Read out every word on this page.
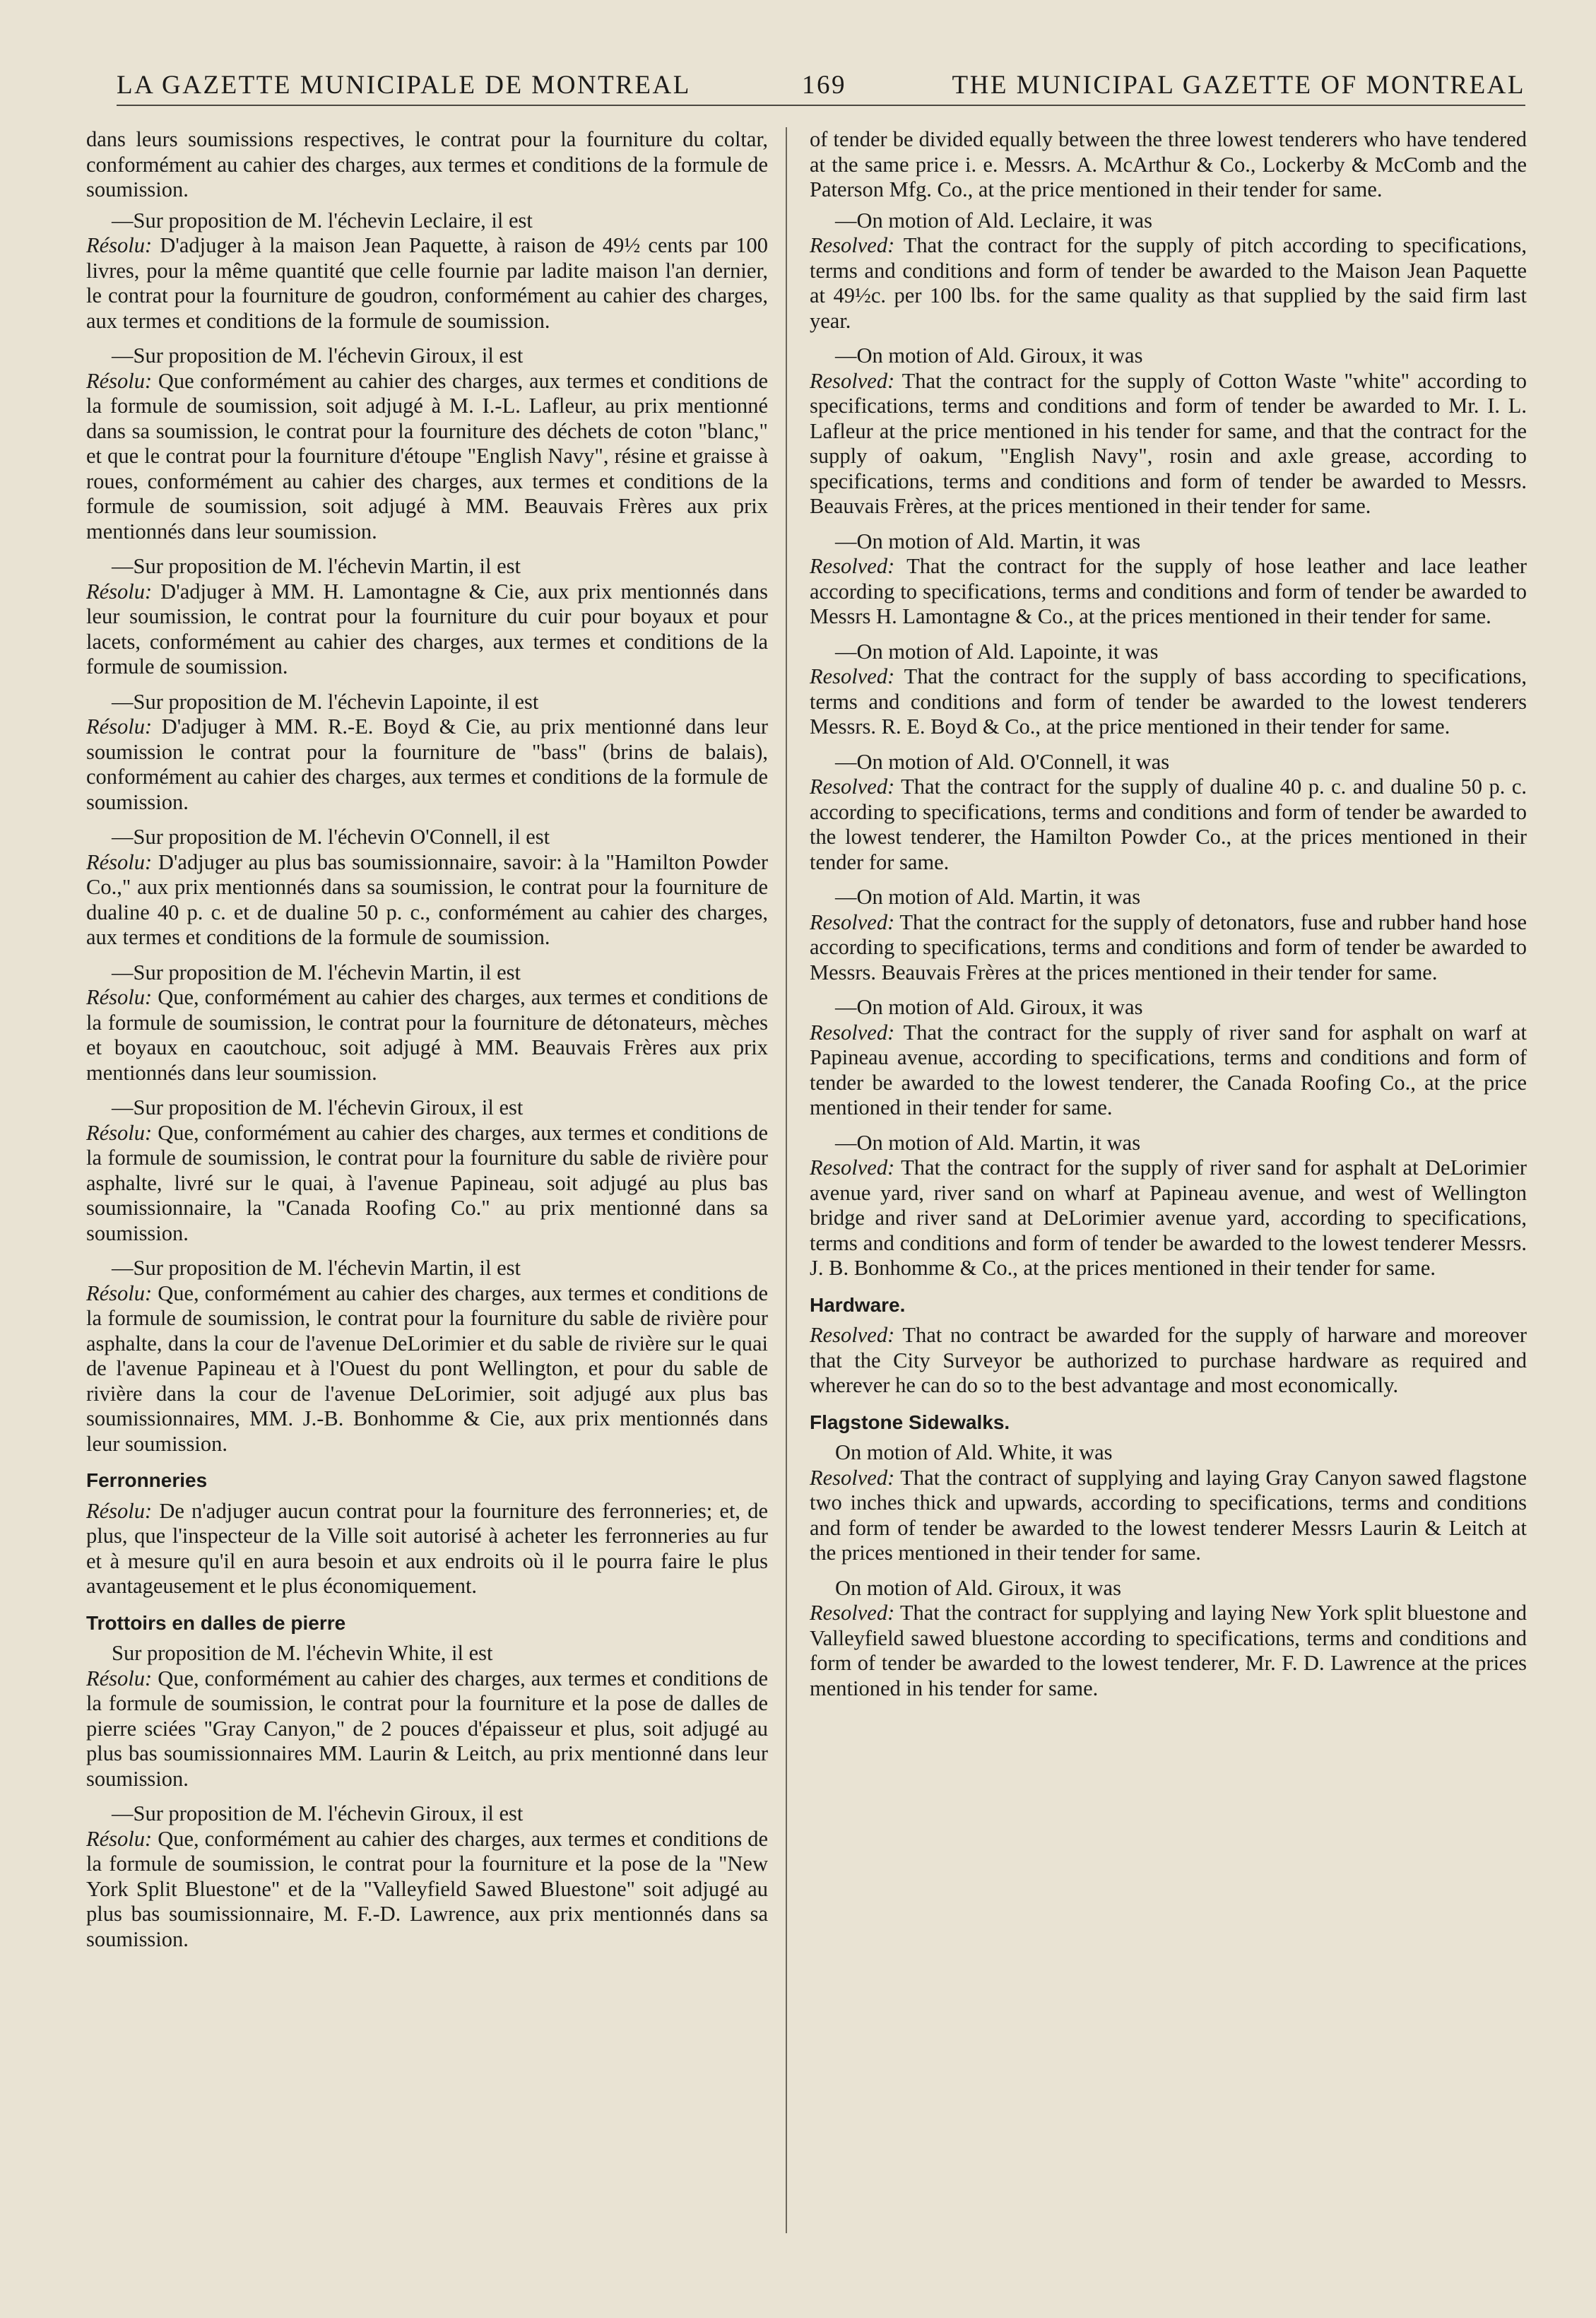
LA GAZETTE MUNICIPALE DE MONTREAL	169	THE MUNICIPAL GAZETTE OF MONTREAL

dans leurs soumissions respectives, le contrat pour la fourniture du coltar, conformément au cahier des charges, aux termes et conditions de la formule de soumission.

—Sur proposition de M. l'échevin Leclaire, il est

Résolu: D'adjuger à la maison Jean Paquette, à raison de 49½ cents par 100 livres, pour la même quantité que celle fournie par ladite maison l'an dernier, le contrat pour la fourniture de goudron, conformément au cahier des charges, aux termes et conditions de la formule de soumission.

—Sur proposition de M. l'échevin Giroux, il est

Résolu: Que conformément au cahier des charges, aux termes et conditions de la formule de soumission, soit adjugé à M. I.-L. Lafleur, au prix mentionné dans sa soumission, le contrat pour la fourniture des déchets de coton "blanc," et que le contrat pour la fourniture d'étoupe "English Navy", résine et graisse à roues, conformément au cahier des charges, aux termes et conditions de la formule de soumission, soit adjugé à MM. Beauvais Frères aux prix mentionnés dans leur soumission.

—Sur proposition de M. l'échevin Martin, il est

Résolu: D'adjuger à MM. H. Lamontagne & Cie, aux prix mentionnés dans leur soumission, le contrat pour la fourniture du cuir pour boyaux et pour lacets, conformément au cahier des charges, aux termes et conditions de la formule de soumission.

—Sur proposition de M. l'échevin Lapointe, il est

Résolu: D'adjuger à MM. R.-E. Boyd & Cie, au prix mentionné dans leur soumission le contrat pour la fourniture de "bass" (brins de balais), conformément au cahier des charges, aux termes et conditions de la formule de soumission.

—Sur proposition de M. l'échevin O'Connell, il est

Résolu: D'adjuger au plus bas soumissionnaire, savoir: à la "Hamilton Powder Co.," aux prix mentionnés dans sa soumission, le contrat pour la fourniture de dualine 40 p. c. et de dualine 50 p. c., conformément au cahier des charges, aux termes et conditions de la formule de soumission.

—Sur proposition de M. l'échevin Martin, il est

Résolu: Que, conformément au cahier des charges, aux termes et conditions de la formule de soumission, le contrat pour la fourniture de détonateurs, mèches et boyaux en caoutchouc, soit adjugé à MM. Beauvais Frères aux prix mentionnés dans leur soumission.

—Sur proposition de M. l'échevin Giroux, il est

Résolu: Que, conformément au cahier des charges, aux termes et conditions de la formule de soumission, le contrat pour la fourniture du sable de rivière pour asphalte, livré sur le quai, à l'avenue Papineau, soit adjugé au plus bas soumissionnaire, la "Canada Roofing Co." au prix mentionné dans sa soumission.

—Sur proposition de M. l'échevin Martin, il est

Résolu: Que, conformément au cahier des charges, aux termes et conditions de la formule de soumission, le contrat pour la fourniture du sable de rivière pour asphalte, dans la cour de l'avenue DeLorimier et du sable de rivière sur le quai de l'avenue Papineau et à l'Ouest du pont Wellington, et pour du sable de rivière dans la cour de l'avenue DeLorimier, soit adjugé aux plus bas soumissionnaires, MM. J.-B. Bonhomme & Cie, aux prix mentionnés dans leur soumission.

Ferronneries

Résolu: De n'adjuger aucun contrat pour la fourniture des ferronneries; et, de plus, que l'inspecteur de la Ville soit autorisé à acheter les ferronneries au fur et à mesure qu'il en aura besoin et aux endroits où il le pourra faire le plus avantageusement et le plus économiquement.

Trottoirs en dalles de pierre

Sur proposition de M. l'échevin White, il est

Résolu: Que, conformément au cahier des charges, aux termes et conditions de la formule de soumission, le contrat pour la fourniture et la pose de dalles de pierre sciées "Gray Canyon," de 2 pouces d'épaisseur et plus, soit adjugé au plus bas soumissionnaires MM. Laurin & Leitch, au prix mentionné dans leur soumission.

—Sur proposition de M. l'échevin Giroux, il est

Résolu: Que, conformément au cahier des charges, aux termes et conditions de la formule de soumission, le contrat pour la fourniture et la pose de la "New York Split Bluestone" et de la "Valleyfield Sawed Bluestone" soit adjugé au plus bas soumissionnaire, M. F.-D. Lawrence, aux prix mentionnés dans sa soumission.

of tender be divided equally between the three lowest tenderers who have tendered at the same price i. e. Messrs. A. McArthur & Co., Lockerby & McComb and the Paterson Mfg. Co., at the price mentioned in their tender for same.

—On motion of Ald. Leclaire, it was

Resolved: That the contract for the supply of pitch according to specifications, terms and conditions and form of tender be awarded to the Maison Jean Paquette at 49½c. per 100 lbs. for the same quality as that supplied by the said firm last year.

—On motion of Ald. Giroux, it was

Resolved: That the contract for the supply of Cotton Waste "white" according to specifications, terms and conditions and form of tender be awarded to Mr. I. L. Lafleur at the price mentioned in his tender for same, and that the contract for the supply of oakum, "English Navy", rosin and axle grease, according to specifications, terms and conditions and form of tender be awarded to Messrs. Beauvais Frères, at the prices mentioned in their tender for same.

—On motion of Ald. Martin, it was

Resolved: That the contract for the supply of hose leather and lace leather according to specifications, terms and conditions and form of tender be awarded to Messrs H. Lamontagne & Co., at the prices mentioned in their tender for same.

—On motion of Ald. Lapointe, it was

Resolved: That the contract for the supply of bass according to specifications, terms and conditions and form of tender be awarded to the lowest tenderers Messrs. R. E. Boyd & Co., at the price mentioned in their tender for same.

—On motion of Ald. O'Connell, it was

Resolved: That the contract for the supply of dualine 40 p. c. and dualine 50 p. c. according to specifications, terms and conditions and form of tender be awarded to the lowest tenderer, the Hamilton Powder Co., at the prices mentioned in their tender for same.

—On motion of Ald. Martin, it was

Resolved: That the contract for the supply of detonators, fuse and rubber hand hose according to specifications, terms and conditions and form of tender be awarded to Messrs. Beauvais Frères at the prices mentioned in their tender for same.

—On motion of Ald. Giroux, it was

Resolved: That the contract for the supply of river sand for asphalt on warf at Papineau avenue, according to specifications, terms and conditions and form of tender be awarded to the lowest tenderer, the Canada Roofing Co., at the price mentioned in their tender for same.

—On motion of Ald. Martin, it was

Resolved: That the contract for the supply of river sand for asphalt at DeLorimier avenue yard, river sand on wharf at Papineau avenue, and west of Wellington bridge and river sand at DeLorimier avenue yard, according to specifications, terms and conditions and form of tender be awarded to the lowest tenderer Messrs. J. B. Bonhomme & Co., at the prices mentioned in their tender for same.

Hardware.

Resolved: That no contract be awarded for the supply of harware and moreover that the City Surveyor be authorized to purchase hardware as required and wherever he can do so to the best advantage and most economically.

Flagstone Sidewalks.

On motion of Ald. White, it was

Resolved: That the contract of supplying and laying Gray Canyon sawed flagstone two inches thick and upwards, according to specifications, terms and conditions and form of tender be awarded to the lowest tenderer Messrs Laurin & Leitch at the prices mentioned in their tender for same.

On motion of Ald. Giroux, it was

Resolved: That the contract for supplying and laying New York split bluestone and Valleyfield sawed bluestone according to specifications, terms and conditions and form of tender be awarded to the lowest tenderer, Mr. F. D. Lawrence at the prices mentioned in his tender for same.
